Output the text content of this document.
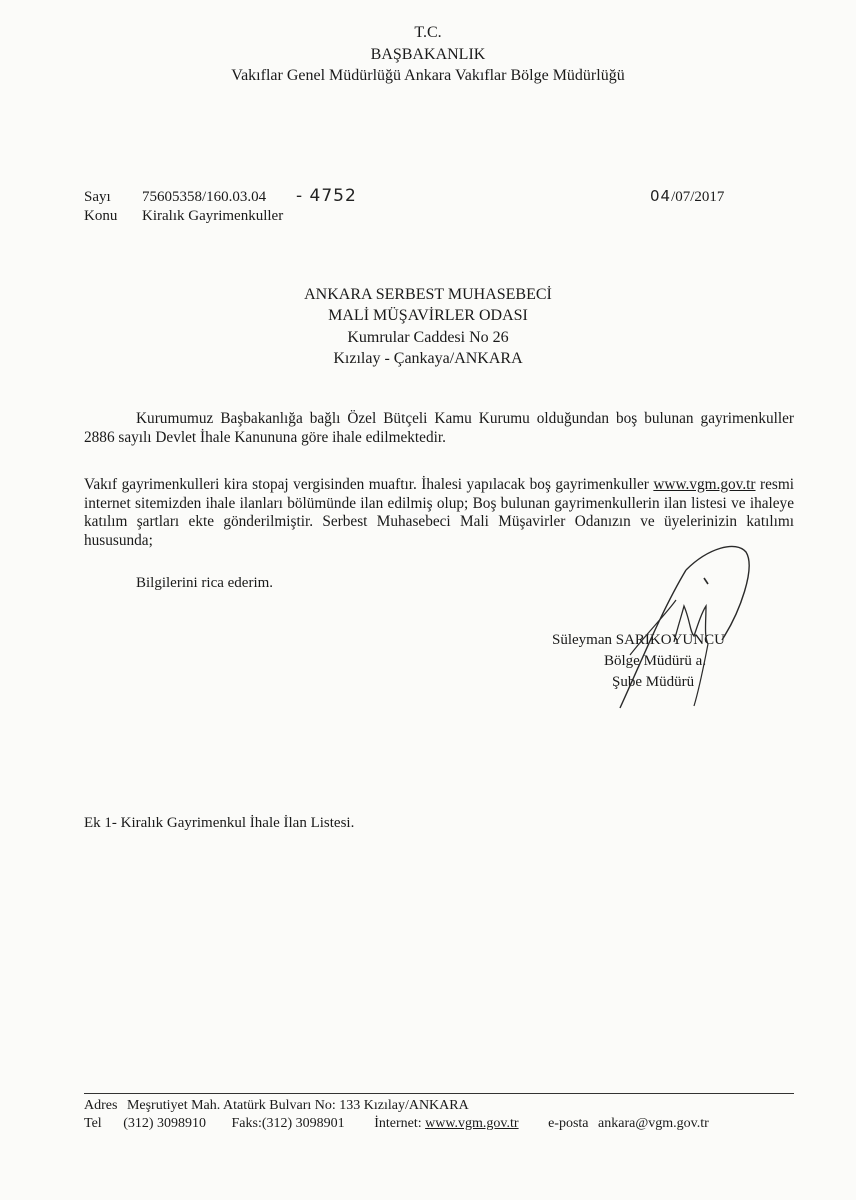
T.C.
BAŞBAKANLIK
Vakıflar Genel Müdürlüğü Ankara Vakıflar Bölge Müdürlüğü
Sayı 75605358/160.03.04 - 4752
Konu Kiralık Gayrimenkuller
04/07/2017
ANKARA SERBEST MUHASEBECİ
MALİ MÜŞAVİRLER ODASI
Kumrular Caddesi No 26
Kızılay - Çankaya/ANKARA
Kurumumuz Başbakanlığa bağlı Özel Bütçeli Kamu Kurumu olduğundan boş bulunan gayrimenkuller 2886 sayılı Devlet İhale Kanununa göre ihale edilmektedir.
Vakıf gayrimenkulleri kira stopaj vergisinden muaftır. İhalesi yapılacak boş gayrimenkuller www.vgm.gov.tr resmi internet sitemizden ihale ilanları bölümünde ilan edilmiş olup; Boş bulunan gayrimenkullerin ilan listesi ve ihaleye katılım şartları ekte gönderilmiştir. Serbest Muhasebeci Mali Müşavirler Odanızın ve üyelerinizin katılımı hususunda;
Bilgilerini rica ederim.
Süleyman SARIKOYUNCU
Bölge Müdürü a.
Şube Müdürü
Ek 1- Kiralık Gayrimenkul İhale İlan Listesi.
Adres Meşrutiyet Mah. Atatürk Bulvarı No: 133 Kızılay/ANKARA
Tel (312) 3098910 Faks:(312) 3098901 İnternet: www.vgm.gov.tr e-posta ankara@vgm.gov.tr
